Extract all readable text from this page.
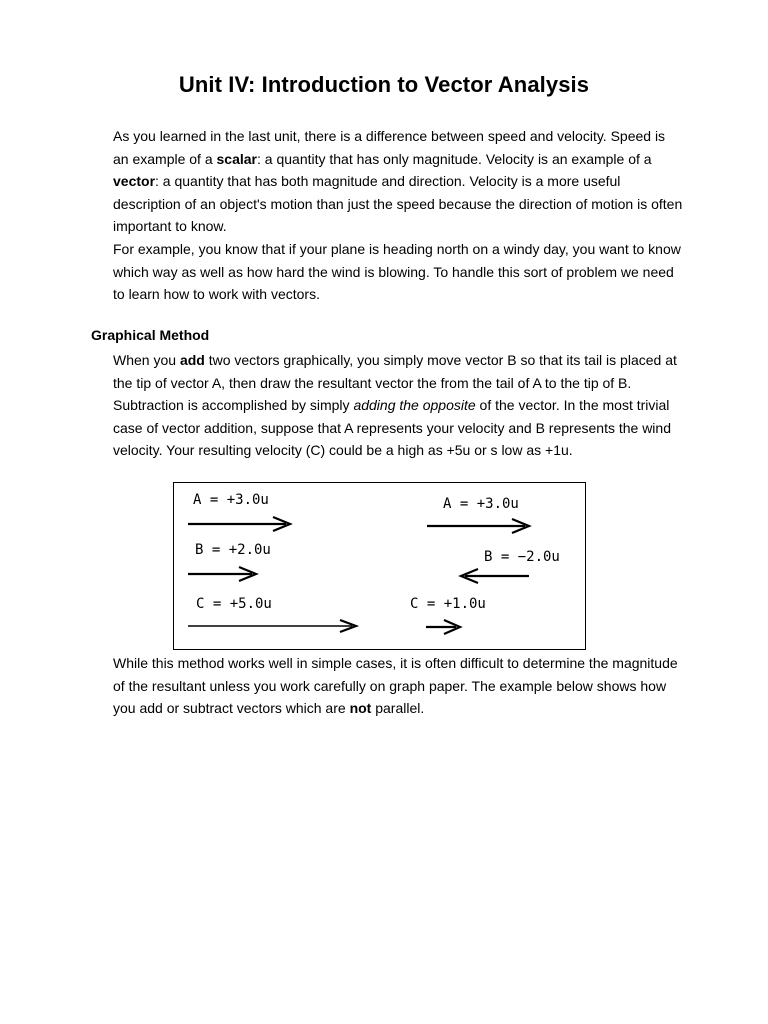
Unit IV: Introduction to Vector Analysis

As you learned in the last unit, there is a difference between speed and velocity. Speed is an example of a scalar: a quantity that has only magnitude. Velocity is an example of a vector: a quantity that has both magnitude and direction. Velocity is a more useful description of an object's motion than just the speed because the direction of motion is often important to know.

For example, you know that if your plane is heading north on a windy day, you want to know which way as well as how hard the wind is blowing. To handle this sort of problem we need to learn how to work with vectors.

Graphical Method

When you add two vectors graphically, you simply move vector B so that its tail is placed at the tip of vector A, then draw the resultant vector the from the tail of A to the tip of B. Subtraction is accomplished by simply adding the opposite of the vector. In the most trivial case of vector addition, suppose that A represents your velocity and B represents the wind velocity. Your resulting velocity (C) could be a high as +5u or s low as +1u.

A = +3.0u
B = +2.0u
C = +5.0u
A = +3.0u
B = −2.0u
C = +1.0u

While this method works well in simple cases, it is often difficult to determine the magnitude of the resultant unless you work carefully on graph paper. The example below shows how you add or subtract vectors which are not parallel.
